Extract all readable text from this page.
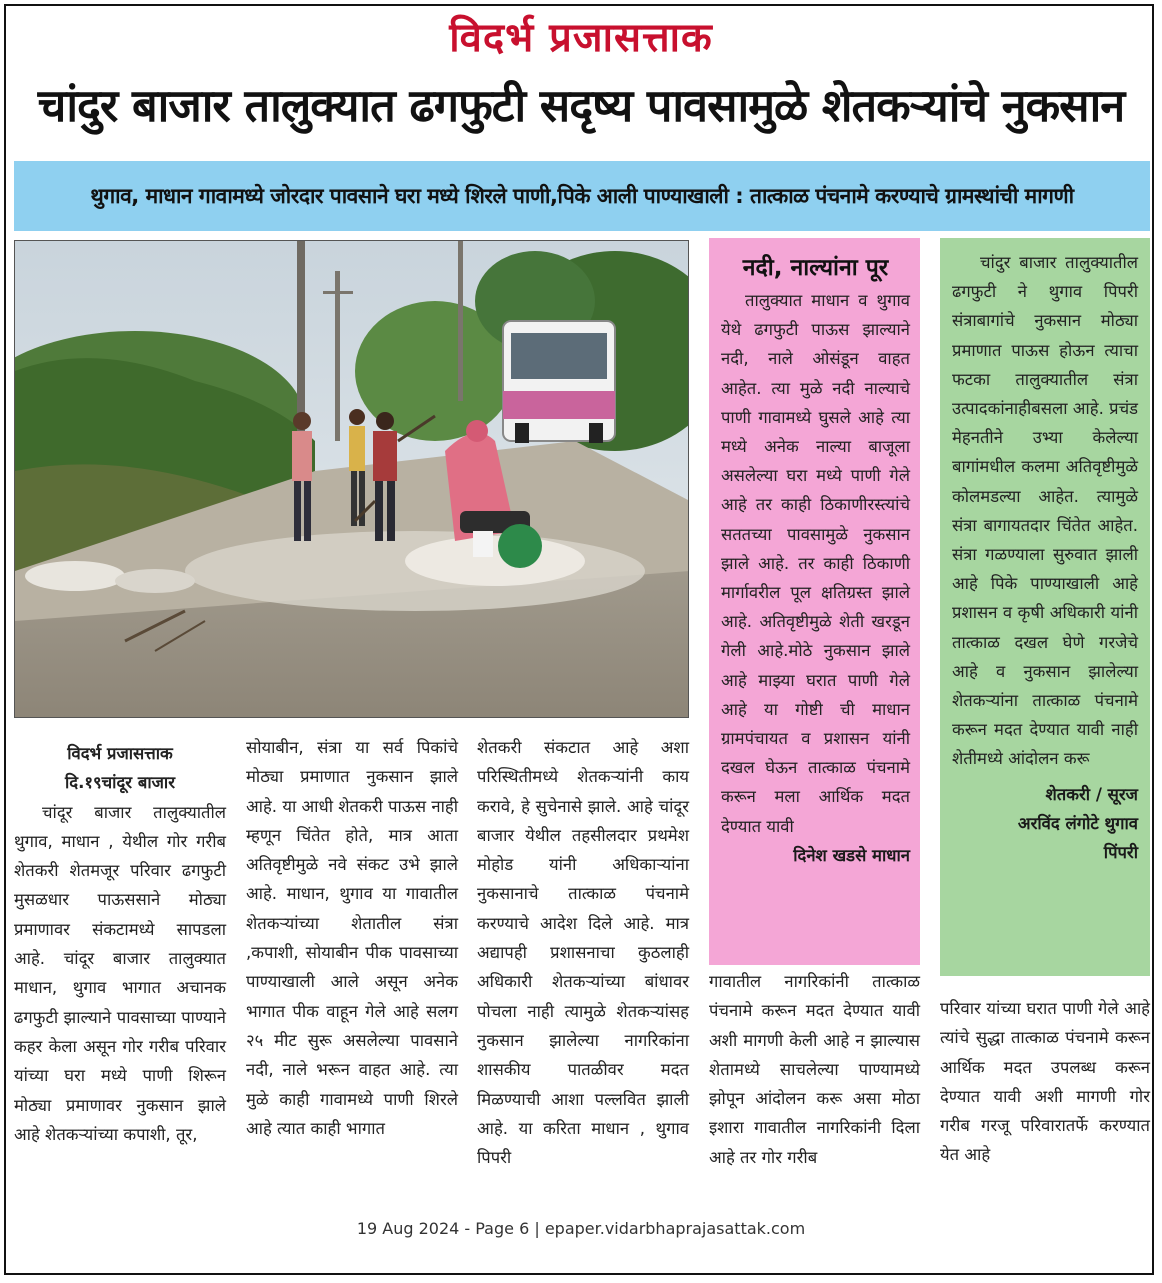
विदर्भ प्रजासत्ताक
चांदुर बाजार तालुक्यात ढगफुटी सदृष्य पावसामुळे शेतकऱ्यांचे नुकसान
थुगाव, माधान गावामध्ये जोरदार पावसाने घरा मध्ये शिरले पाणी,पिके आली पाण्याखाली : तात्काळ पंचनामे करण्याचे ग्रामस्थांची मागणी

विदर्भ प्रजासत्ताक

दि.१९चांदूर बाजार

चांदूर बाजार तालुक्यातील थुगाव, माधान , येथील गोर गरीब शेतकरी शेतमजूर परिवार ढगफुटी मुसळधार पाऊससाने मोठ्या प्रमाणावर संकटामध्ये सापडला आहे. चांदूर बाजार तालुक्यात माधान, थुगाव भागात अचानक ढगफुटी झाल्याने पावसाच्या पाण्याने कहर केला असून गोर गरीब परिवार यांच्या घरा मध्ये पाणी शिरून मोठ्या प्रमाणावर नुकसान झाले आहे शेतकऱ्यांच्या कपाशी, तूर,

सोयाबीन, संत्रा या सर्व पिकांचे मोठ्या प्रमाणात नुकसान झाले आहे. या आधी शेतकरी पाऊस नाही म्हणून चिंतेत होते, मात्र आता अतिवृष्टीमुळे नवे संकट उभे झाले आहे. माधान, थुगाव या गावातील शेतकऱ्यांच्या शेतातील संत्रा ,कपाशी, सोयाबीन पीक पावसाच्या पाण्याखाली आले असून अनेक भागात पीक वाहून गेले आहे सलग २५ मीट सुरू असलेल्या पावसाने नदी, नाले भरून वाहत आहे. त्या मुळे काही गावामध्ये पाणी शिरले आहे त्यात काही भागात

शेतकरी संकटात आहे अशा परिस्थितीमध्ये शेतकऱ्यांनी काय करावे, हे सुचेनासे झाले. आहे चांदूर बाजार येथील तहसीलदार प्रथमेश मोहोड यांनी अधिकाऱ्यांना नुकसानाचे तात्काळ पंचनामे करण्याचे आदेश दिले आहे. मात्र अद्यापही प्रशासनाचा कुठलाही अधिकारी शेतकऱ्यांच्या बांधावर पोचला नाही त्यामुळे शेतकऱ्यांसह नुकसान झालेल्या नागरिकांना शासकीय पातळीवर मदत मिळण्याची आशा पल्लवित झाली आहे. या करिता माधान , थुगाव पिपरी

गावातील नागरिकांनी तात्काळ पंचनामे करून मदत देण्यात यावी अशी मागणी केली आहे न झाल्यास शेतामध्ये साचलेल्या पाण्यामध्ये झोपून आंदोलन करू असा मोठा इशारा गावातील नागरिकांनी दिला आहे तर गोर गरीब

परिवार यांच्या घरात पाणी गेले आहे त्यांचे सुद्धा तात्काळ पंचनामे करून आर्थिक मदत उपलब्ध करून देण्यात यावी अशी मागणी गोर गरीब गरजू परिवारातर्फे करण्यात येत आहे

नदी, नाल्यांना पूर
तालुक्यात माधान व थुगाव येथे ढगफुटी पाऊस झाल्याने नदी, नाले ओसंडून वाहत आहेत. त्या मुळे नदी नाल्याचे पाणी गावामध्ये घुसले आहे त्या मध्ये अनेक नाल्या बाजूला असलेल्या घरा मध्ये पाणी गेले आहे तर काही ठिकाणीरस्त्यांचे सततच्या पावसामुळे नुकसान झाले आहे. तर काही ठिकाणी मार्गावरील पूल क्षतिग्रस्त झाले आहे. अतिवृष्टीमुळे शेती खरडून गेली आहे.मोठे नुकसान झाले आहे माझ्या घरात पाणी गेले आहे या गोष्टी ची माधान ग्रामपंचायत व प्रशासन यांनी दखल घेऊन तात्काळ पंचनामे करून मला आर्थिक मदत देण्यात यावी
दिनेश खडसे माधान
चांदुर बाजार तालुक्यातील ढगफुटी ने थुगाव पिपरी संत्राबागांचे नुकसान मोठ्या प्रमाणात पाऊस होऊन त्याचा फटका तालुक्यातील संत्रा उत्पादकांनाहीबसला आहे. प्रचंड मेहनतीने उभ्या केलेल्या बागांमधील कलमा अतिवृष्टीमुळे कोलमडल्या आहेत. त्यामुळे संत्रा बागायतदार चिंतेत आहेत. संत्रा गळण्याला सुरुवात झाली आहे पिके पाण्याखाली आहे प्रशासन व कृषी अधिकारी यांनी तात्काळ दखल घेणे गरजेचे आहे व नुकसान झालेल्या शेतकऱ्यांना तात्काळ पंचनामे करून मदत देण्यात यावी नाही शेतीमध्ये आंदोलन करू
शेतकरी / सूरज
अरविंद लंगोटे थुगाव
पिंपरी
19 Aug 2024 - Page 6 | epaper.vidarbhaprajasattak.com
